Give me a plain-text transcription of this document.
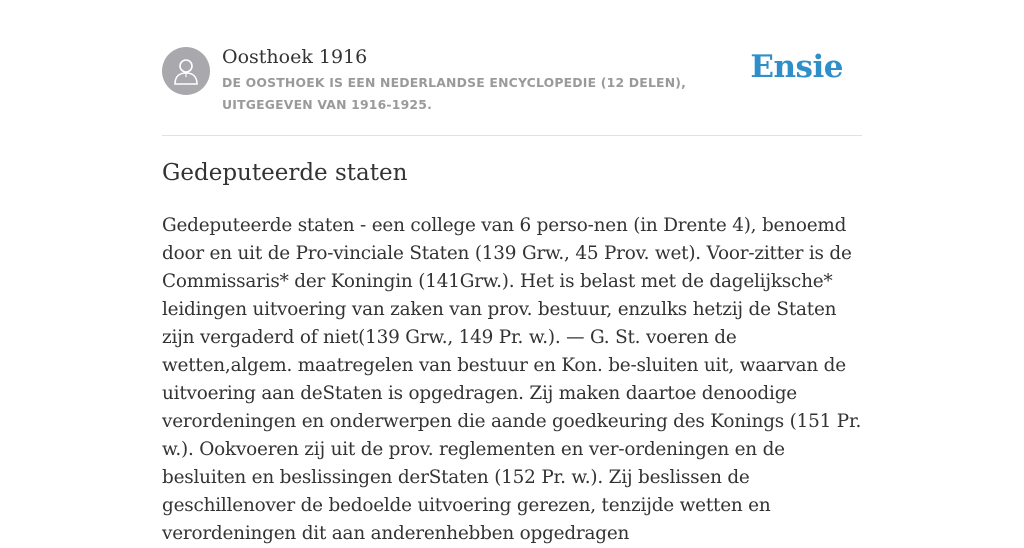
Oosthoek 1916

DE OOSTHOEK IS EEN NEDERLANDSE ENCYCLOPEDIE (12 DELEN), UITGEGEVEN VAN 1916-1925.

Ensie
Gedeputeerde staten

Gedeputeerde staten - een college van 6 perso-nen (in Drente 4), benoemd door en uit de Pro-vinciale Staten (139 Grw., 45 Prov. wet). Voor-zitter is de Commissaris* der Koningin (141Grw.). Het is belast met de dagelijksche* leidingen uitvoering van zaken van prov. bestuur, enzulks hetzij de Staten zijn vergaderd of niet(139 Grw., 149 Pr. w.). — G. St. voeren de wetten,algem. maatregelen van bestuur en Kon. be-sluiten uit, waarvan de uitvoering aan deStaten is opgedragen. Zij maken daartoe denoodige verordeningen en onderwerpen die aande goedkeuring des Konings (151 Pr. w.). Ookvoeren zij uit de prov. reglementen en ver-ordeningen en de besluiten en beslissingen derStaten (152 Pr. w.). Zij beslissen de geschillenover de bedoelde uitvoering gerezen, tenzijde wetten en verordeningen dit aan anderenhebben opgedragen
